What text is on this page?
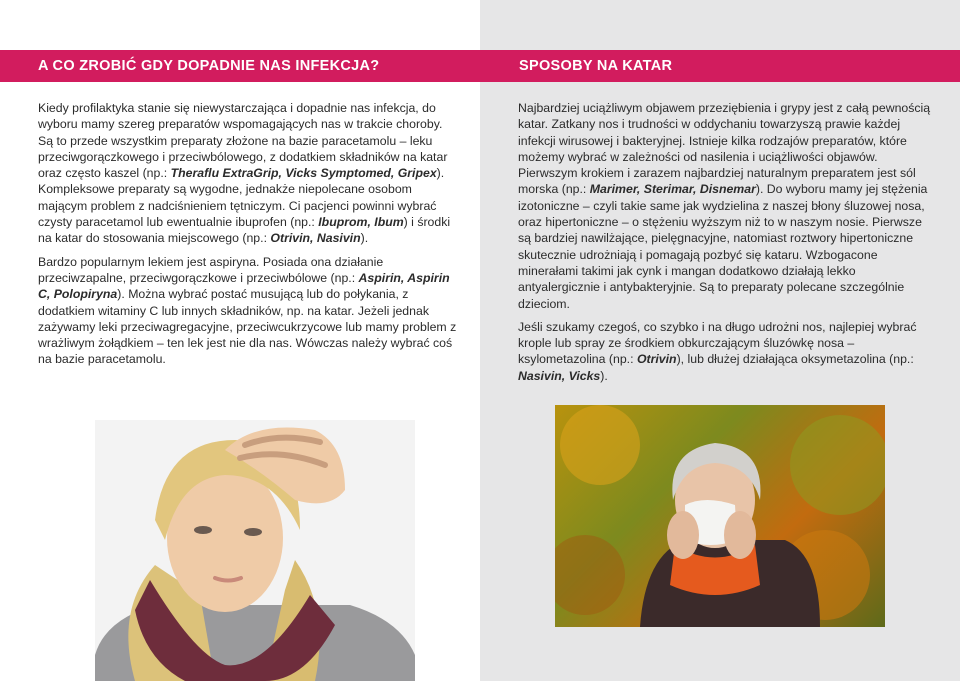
A CO ZROBIĆ GDY DOPADNIE NAS INFEKCJA?	SPOSOBY NA KATAR

Kiedy profilaktyka stanie się niewystarczająca i dopadnie nas infekcja, do wyboru mamy szereg preparatów wspomagających nas w trakcie choroby. Są to przede wszystkim preparaty złożone na bazie paracetamolu – leku przeciwgorączkowego i przeciwbólowego, z dodatkiem składników na katar oraz często kaszel (np.: Theraflu ExtraGrip, Vicks Symptomed, Gripex). Kompleksowe preparaty są wygodne, jednakże niepolecane osobom mającym problem z nadciśnieniem tętniczym. Ci pacjenci powinni wybrać czysty paracetamol lub ewentualnie ibuprofen (np.: Ibuprom, Ibum) i środki na katar do stosowania miejscowego (np.: Otrivin, Nasivin).

Bardzo popularnym lekiem jest aspiryna. Posiada ona działanie przeciwzapalne, przeciwgorączkowe i przeciwbólowe (np.: Aspirin, Aspirin C, Polopiryna). Można wybrać postać musującą lub do połykania, z dodatkiem witaminy C lub innych składników, np. na katar. Jeżeli jednak zażywamy leki przeciwagregacyjne, przeciwcukrzycowe lub mamy problem z wrażliwym żołądkiem – ten lek jest nie dla nas. Wówczas należy wybrać coś na bazie paracetamolu.

Najbardziej uciążliwym objawem przeziębienia i grypy jest z całą pewnością katar. Zatkany nos i trudności w oddychaniu towarzyszą prawie każdej infekcji wirusowej i bakteryjnej. Istnieje kilka rodzajów preparatów, które możemy wybrać w zależności od nasilenia i uciążliwości objawów. Pierwszym krokiem i zarazem najbardziej naturalnym preparatem jest sól morska (np.: Marimer, Sterimar, Disnemar). Do wyboru mamy jej stężenia izotoniczne – czyli takie same jak wydzielina z naszej błony śluzowej nosa, oraz hipertoniczne – o stężeniu wyższym niż to w naszym nosie. Pierwsze są bardziej nawilżające, pielęgnacyjne, natomiast roztwory hipertoniczne skutecznie udrożniają i pomagają pozbyć się kataru. Wzbogacone minerałami takimi jak cynk i mangan dodatkowo działają lekko antyalergicznie i antybakteryjnie. Są to preparaty polecane szczególnie dzieciom.

Jeśli szukamy czegoś, co szybko i na długo udrożni nos, najlepiej wybrać krople lub spray ze środkiem obkurczającym śluzówkę nosa – ksylometazolina (np.: Otrivin), lub dłużej działająca oksymetazolina (np.: Nasivin, Vicks).
